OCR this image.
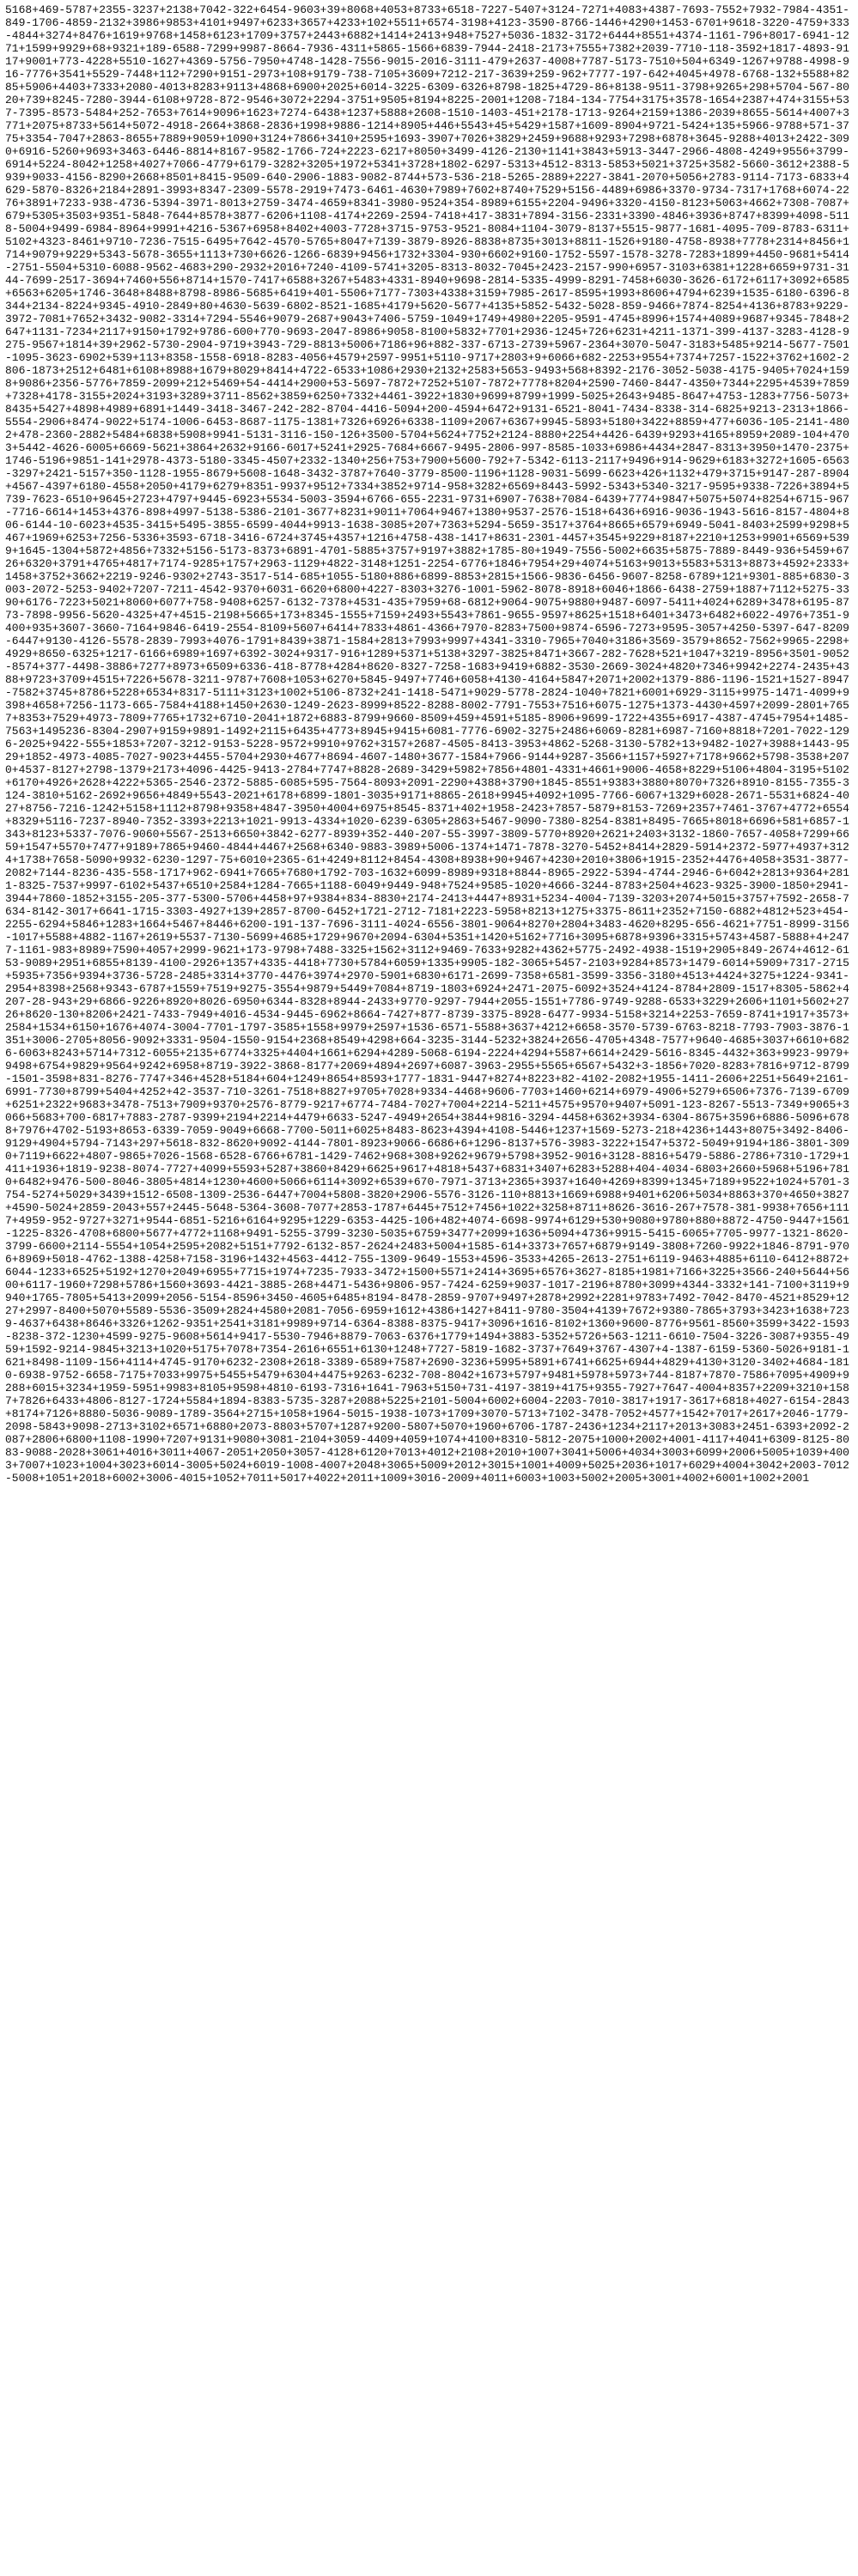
5168+469-5787+2355-3237+2138+7042-322+6454-9603+39+8068+4053+8733+6518-7227-5407+3124-7271+4083+4387-7693-7552+7932-7984-4351-849-1706-4859-2132+3986+9853+4101+9497+6233+3657+4233+102+5511+6574-3198+4123-3590-8766-1446+4290+1453-6701+9618-3220-4759+333-4844+3274+8476+1619+9768+1458+6123+1709+3757+2443+6882+1414+2413+948+7527+5036-1832-3172+6444+8551+4374-1161-796+8017-6941-1271+1599+9929+68+9321+189-6588-7299+9987-8664-7936-4311+5865-1566+6839-7944-2418-2173+7555+7382+2039-7710-118-3592+1817-4893-9117+9001+773-4228+5510-1627+4369-5756-7950+4748-1428-7556-9015-2016-3111-479+2637-4008+7787-5173-7510+504+6349-1267+9788-4998-916-7776+3541+5529-7448+112+7290+9151-2973+108+9179-738-7105+3609+7212-217-3639+259-962+7777-197-642+4045+4978-6768-132+5588+8285+5906+4403+7333+2080-4013+8283+9113+4868+6900+2025+6014-3225-6309-6326+8798-1825+4729-86+8138-9511-3798+9265+298+5704-567-8020+739+8245-7280-3944-6108+9728-872-9546+3072+2294-3751+9505+8194+8225-2001+1208-7184-134-7754+3175+3578-1654+2387+474+3155+537-7395-8573-5484+252-7653+7614+9096+1623+7274-6438+1237+5888+2608-1510-1403-451+2178-1713-9264+2159+1386-2039+8655-5614+4007+3771+2075+8733+5614+5072-4918-2664+3868-2836+1998+9886-1214+8905+446+5543+45+5429+1587+1609-8904+9721-5424+135+5966-9788+571-3775+3354-7047+2863-8655+7889+9059+1090+3124+7866+3410+2595+1693-3907+7026+3829+2459+9688+9293+7298+6878+3645-9288+4013+2422-3090+6916-5260+9693+3463-6446-8814+8167-9582-1766-724+2223-6217+8050+3499-4126-2130+1141+3843+5913-3447-2966-4808-4249+9556+3799-6914+5224-8042+1258+4027+7066-4779+6179-3282+3205+1972+5341+3728+1802-6297-5313+4512-8313-5853+5021+3725+3582-5660-3612+2388-5939+9033-4156-8290+2668+8501+8415-9509-640-2906-1883-9082-8744+573-536-218-5265-2889+2227-3841-2070+5056+2783-9114-7173-6833+4629-5870-8326+2184+2891-3993+8347-2309-5578-2919+7473-6461-4630+7989+7602+8740+7529+5156-4489+6986+3370-9734-7317+1768+6074-2276+3891+7233-938-4736-5394-3971-8013+2759-3474-4659+8341-3980-9524+354-8989+6155+2204-9496+3320-4150-8123+5063+4662+7308-7087+679+5305+3503+9351-5848-7644+8578+3877-6206+1108-4174+2269-2594-7418+417-3831+7894-3156-2331+3390-4846+3936+8747+8399+4098-5118-5004+9499-6984-8964+9991+4216-5367+6958+8402+4003-7728+3715-9753-9521-8084+1104-3079-8137+5515-9877-1681-4095-709-8783-6311+5102+4323-8461+9710-7236-7515-6495+7642-4570-5765+8047+7139-3879-8926-8838+8735+3013+8811-1526+9180-4758-8938+7778+2314+8456+1714+9079+9229+5343-5678-3655+1113+730+6626-1266-6839+9456+1732+3304-930+6602+9160-1752-5597-1578-3278-7283+1899+4450-9681+5414-2751-5504+5310-6088-9562-4683+290-2932+2016+7240-4109-5741+3205-8313-8032-7045+2423-2157-990+6957-3103+6381+1228+6659+9731-3144-7699-2517-3694+7460+556+8714+1570-7417+6588+3267+5483+4331-8940+9698-2814-5335-4999-8291-7458+6030-3626-6172+6117+3092+6585+6563+6205+1746-3648+8488+8798-8986-5685+6419+401-5506+7177-7303+4338+3159+7985-2617-8595+1993+8606+4794+6239+1535-6180-6396-8344+2134-8224+9345-4910-2849+80+4630-5639-6802-8521-1685+4179+5620-5677+4135+5852-5432-5028-859-9466+7874-8254+4136+8783+9229-3972-7081+7652+3432-9082-3314+7294-5546+9079-2687+9043+7406-5759-1049+1749+4980+2205-9591-4745+8996+1574+4089+9687+9345-7848+2647+1131-7234+2117+9150+1792+9786-600+770-9693-2047-8986+9058-8100+5832+7701+2936-1245+726+6231+4211-1371-399-4137-3283-4128-9275-9567+1814+39+2962-5730-2904-9719+3943-729-8813+5006+7186+96+882-337-6713-2739+5967-2364+3070-5047-3183+5485+9214-5677-7501-1095-3623-6902+539+113+8358-1558-6918-8283-4056+4579+2597-9951+5110-9717+2803+9+6066+682-2253+9554+7374+7257-1522+3762+1602-2806-1873+2512+6481+6108+8988+1679+8029+8414+4722-6533+1086+2930+2132+2583+5653-9493+568+8392-2176-3052-5038-4175-9405+7024+1598+9086+2356-5776+7859-2099+212+5469+54-4414+2900+53-5697-7872+7252+5107-7872+7778+8204+2590-7460-8447-4350+7344+2295+4539+7859+7328+4178-3155+2024+3193+3289+3711-8562+3859+6250+7332+4461-3922+1830+9699+8799+1999-5025+2643+9485-8647+4753-1283+7756-5073+8435+5427+4898+4989+6891+1449-3418-3467-242-282-8704-4416-5094+200-4594+6472+9131-6521-8041-7434-8338-314-6825+9213-2313+1866-5554-2906+8474-9022+5174-1006-6453-8687-1175-1381+7326+6926+6338-1109+2067+6367+9945-5893+5180+3422+8859+477+6036-105-2141-4802+478-2360-2882+5484+6838+5908+9941-5131-3116-150-126+3500-5704+5624+7752+2124-8880+2254+4426-6439+9293+4165+8959+2089-104+4703+5442-4626-6005+6669-5621+3864+2632+9166-6017+5241+2925-7684+6667-9495-2806-997-8585-1033+6986+4434+2847-8313+3950+1470-2375+1746-5196+9851-141+2978-4373-5180-3345-4507+2332-1340+256+753+7900+5600-792+7-5342-6113-2117+9496+914-9629+6183+3272+1605-6563-3297+2421-5157+350-1128-1955-8679+5608-1648-3432-3787+7640-3779-8500-1196+1128-9031-5699-6623+426+1132+479+3715+9147-287-8904+4567-4397+6180-4558+2050+4179+6279+8351-9937+9512+7334+3852+9714-958+3282+6569+8443-5992-5343+5340-3217-9595+9338-7226+3894+5739-7623-6510+9645+2723+4797+9445-6923+5534-5003-3594+6766-655-2231-9731+6907-7638+7084-6439+7774+9847+5075+5074+8254+6715-967-7716-6614+1453+4376-898+4997-5138-5386-2101-3677+8231+9011+7064+9467+1380+9537-2576-1518+6436+6916-9036-1943-5616-8157-4804+806-6144-10-6023+4535-3415+5495-3855-6599-4044+9913-1638-3085+207+7363+5294-5659-3517+3764+8665+6579+6949-5041-8403+2599+9298+5467+1969+6253+7256-5336+3593-6718-3416-6724+3745+4357+1216+4758-438-1417+8631-2301-4457+3545+9229+8187+2210+1253+9901+6569+5399+1645-1304+5872+4856+7332+5156-5173-8373+6891-4701-5885+3757+9197+3882+1785-80+1949-7556-5002+6635+5875-7889-8449-936+5459+6726+6320+3791+4765+4817+7174-9285+1757+2963-1129+4822-3148+1251-2254-6776+1846+7954+29+4074+5163+9013+5583+5313+8873+4592+2333+1458+3752+3662+2219-9246-9302+2743-3517-514-685+1055-5180+886+6899-8853+2815+1566-9836-6456-9607-8258-6789+121+9301-885+6830-3003-2072-5253-9402+7207-7211-4542-9370+6031-6620+6800+4227-8303+3276-1001-5962-8078-8918+6046+1866-6438-2759+1887+7112+5275-3390+6176-7223+5021+8060+6077+758-9408+6257-6132-7378+4531-435+7959+68-6812+9064-9075+9880+9487-6097-5411+4024+6289+3478+6195-8773-7898-9956-5620-4325+47+4515-2198+5665+173+8345-1555+7159+2493+5543+7861-9655-9597+8625+1518+6401+3473+6482+6022-4976+7351-9400+935+3607-3660-7164+9846-6419-2554-8109+5607+6414+7833+4861-4366+7970-8283+7500+9874-6596-7273+9595-3057+4250-5397-647-8209-6447+9130-4126-5578-2839-7993+4076-1791+8439+3871-1584+2813+7993+9997+4341-3310-7965+7040+3186+3569-3579+8652-7562+9965-2298+4929+8650-6325+1217-6166+6989+1697+6392-3024+9317-916+1289+5371+5138+3297-3825+8471+3667-282-7628+521+1047+3219-8956+3501-9052-8574+377-4498-3886+7277+8973+6509+6336-418-8778+4284+8620-8327-7258-1683+9419+6882-3530-2669-3024+4820+7346+9942+2274-2435+4388+9723+3709+4515+7226+5678-3211-9787+7608+1053+6270+5845-9497+7746+6058+4130-4164+5847+2071+2002+1379-886-1196-1521+1527-8947-7582+3745+8786+5228+6534+8317-5111+3123+1002+5106-8732+241-1418-5471+9029-5778-2824-1040+7821+6001+6929-3115+9975-1471-4099+9398+4658+7256-1173-665-7584+4188+1450+2630-1249-2623-8999+8522-8288-8002-7791-7553+7516+6075-1275+1373-4430+4597+2099-2801+7657+8353+7529+4973-7809+7765+1732+6710-2041+1872+6883-8799+9660-8509+459+4591+5185-8906+9699-1722+4355+6917-4387-4745+7954+1485-7563+1495236-8304-2907+9159+9891-1492+2115+6435+4773+8945+9415+6081-7776-6902-3275+2486+6069-8281+6987-7160+8818+7201-7022-1296-2025+9422-555+1853+7207-3212-9153-5228-9572+9910+9762+3157+2687-4505-8413-3953+4862-5268-3130-5782+13+9482-1027+3988+1443-9529+1852-4973-4085-7027-9023+4455-5704+2930+4677+8694-4607-1480+3677-1584+7966-9144+9287-3566+1157+5927+7178+9662+5798-3538+2070+4537-8127+2798-1379+2173+4096-4425-9413-2784+7747+8828-2689-3429+5982+7856+4801-4331+4661+9006-4658+8229+5106+4804-3195+5102+6170+4926+2628+4222+5365-2546-2372-5885-6085+595-7564-8093+2091-2290+4388+3790+1845-8551+9383+3880+8070+7326+8910-8155-7355-3124-3810+5162-2692+9656+4849+5543-2021+6178+6899-1801-3035+9171+8865-2618+9945+4092+1095-7766-6067+1329+6028-2671-5531+6824-4027+8756-7216-1242+5158+1112+8798+9358+4847-3950+4004+6975+8545-8371+402+1958-2423+7857-5879+8153-7269+2357+7461-3767+4772+6554+8329+5116-7237-8940-7352-3393+2213+1021-9913-4334+1020-6239-6305+2863+5467-9090-7380-8254-8381+8495-7665+8018+6696+581+6857-1343+8123+5337-7076-9060+5567-2513+6650+3842-6277-8939+352-440-207-55-3997-3809-5770+8920+2621+2403+3132-1860-7657-4058+7299+6659+1547+5570+7477+9189+7865+9460-4844+4467+2568+6340-9883-3989+5006-1374+1471-7878-3270-5452+8414+2829-5914+2372-5977+4937+3124+1738+7658-5090+9932-6230-1297-75+6010+2365-61+4249+8112+8454-4308+8938+90+9467+4230+2010+3806+1915-2352+4476+4058+3531-3877-2082+7144-8236-435-558-1717+962-6941+7665+7680+1792-703-1632+6099-8989+9318+8844-8965-2922-5394-4744-2946-6+6042+2813+9364+2811-8325-7537+9997-6102+5437+6510+2584+1284-7665+1188-6049+9449-948+7524+9585-1020+4666-3244-8783+2504+4623-9325-3900-1850+2941-3944+7860-1852+3155-205-377-5300-5706+4458+97+9384+834-8830+2174-2413+4447+8931+5234-4004-7139-3203+2074+5015+3757+7592-2658-7634-8142-3017+6641-1715-3303-4927+139+2857-8700-6452+1721-2712-7181+2223-5958+8213+1275+3375-8611+2352+7150-6882+4812+523+454-2255-6294+5846+1283+1664+5467+8446+6200-191-137-7696-3111-4024-6556-3801-9064+8270+2804+3483-4620+8295-656-4621+7751-8999-3156-1017+5588+4882-1167+2619+5537-7130-5699+4685+1729+9670+2094-6304+5351+1420+5162+7716+3095+6878+9396+3315+5743+4587-5888+4+2477-1161-983+8989+7590+4057+2999-9621+173-9798+7488-3325+1562+3112+9469-7633+9282+4362+5775-2492-4938-1519+2905+849-2674+4612-6153-9089+2951+6855+8139-4100-2926+1357+4335-4418+7730+5784+6059+1335+9905-182-3065+5457-2103+9284+8573+1479-6014+5909+7317-2715+5935+7356+9394+3736-5728-2485+3314+3770-4476+3974+2970-5901+6830+6171-2699-7358+6581-3599-3356-3180+4513+4424+3275+1224-9341-2954+8398+2568+9343-6787+1559+7519+9275-3554+9879+5449+7084+8719-1803+6924+2471-2075-6092+3524+4124-8784+2809-1517+8305-5862+4207-28-943+29+6866-9226+8920+8026-6950+6344-8328+8944-2433+9770-9297-7944+2055-1551+7786-9749-9288-6533+3229+2606+1101+5602+2726+8620-130+8206+2421-7433-7949+4016-4534-9445-6962+8664-7427+877-8739-3375-8928-6477-9934-5158+3214+2253-7659-8741+1917+3573+2584+1534+6150+1676+4074-3004-7701-1797-3585+1558+9979+2597+1536-6571-5588+3637+4212+6658-3570-5739-6763-8218-7793-7903-3876-1351+3006-2705+8056-9092+3331-9504-1550-9154+2368+8549+4298+664-3235-3144-5232+3824+2656-4705+4348-7577+9640-4685+3037+6610+6826-6063+8243+5714+7312-6055+2135+6774+3325+4404+1661+6294+4289-5068-6194-2224+4294+5587+6614+2429-5616-8345-4432+363+9923-9979+9498+6754+9829+9564+9242+6958+8719-3922-3868-8177+2069+4894+2697+6087-3963-2955+5565+6567+5432+3-1856+7020-8283+7816+9712-8799-1501-3598+831-8276-7747+346+4528+5184+604+1249+8654+8593+1777-1831-9447+8274+8223+82-4102-2082+1955-1411-2606+2251+5649+2161-6991-7730+8799+5404+4252+42-3537-710-3261-7518+8827+9705+7028+9334-4468+9606-7703+1460+6214+6979-4906+5279+6506+7376-7139-6709+6251+2322+9683+3478-7513+7909+9370+2576-8779-9217+6774-7484-7027+7004+2214-5211+4575+9570+9407+5091-123-8267-5513-7349+9065+3066+5683+700-6817+7883-2787-9399+2194+2214+4479+6633-5247-4949+2654+3844+9816-3294-4458+6362+3934-6304-8675+3596+6886-5096+6788+7976+4702-5193+8653-6339-7059-9049+6668-7700-5011+6025+8483-8623+4394+4108-5446+1237+1569-5273-218+4236+1443+8075+3492-8406-9129+4904+5794-7143+297+5618-832-8620+9092-4144-7801-8923+9066-6686+6+1296-8137+576-3983-3222+1547+5372-5049+9194+186-3801-3090+7119+6622+4807-9865+7026-1568-6528-6766+6781-1429-7462+968+308+9262+9679+5798+3952-9016+3128-8816+5479-5886-2786+7310-1729+1411+1936+1819-9238-8074-7727+4099+5593+5287+3860+8429+6625+9617+4818+5437+6831+3407+6283+5288+404-4034-6803+2660+5968+5196+7810+6482+9476-500-8046-3805+4814+1230+4600+5066+6114+3092+6539+670-7971-3713+2365+3937+1640+4269+8399+1345+7189+9522+1024+5701-3754-5274+5029+3439+1512-6508-1309-2536-6447+7004+5808-3820+2906-5576-3126-110+8813+1669+6988+9401+6206+5034+8863+370+4650+3827+4590-5024+2859-2043+557+2445-5648-5364-3608-7077+2853-1787+6445+7512+7456+1022+3258+8711+8626-3616-267+7578-381-9938+7656+1117+4959-952-9727+3271+9544-6851-5216+6164+9295+1229-6353-4425-106+482+4074-6698-9974+6129+530+9080+9780+880+8872-4750-9447+1561-1225-8326-4708+6800+5677+4772+1168+9491-5255-3799-3230-5035+6759+3477+2099+1636+5094+4736+9915-5415-6065+7705-9977-1321-8620-3799-6600+2114-5554+1054+2595+2082+5151+7792-6132-857-2624+2483+5004+1585-614+3373+7657+6879+9149-3808+7260-9922+1846-8791-9706+8969+5018-4762-1388-4258+7158-3196+1432+4563-4412-755-1309-9649-1553+4596-3533+4265-2613-2751+6119-9463+4885+6110-6412+8872+6044-1233+6525+5192+1270+2049+6955+7715+1974+7235-7933-3472+1500+5571+2414+3695+6576+3627-8185+1981+7166+3225+3566-240+5644+5600+6117-1960+7298+5786+1560+3693-4421-3885-268+4471-5436+9806-957-7424-6259+9037-1017-2196+8780+3099+4344-3332+141-7100+3119+9940+1765-7805+5413+2099+2056-5154-8596+3450-4605+6485+8194-8478-2859-9707+9497+2878+2992+2281+9783+7492-7042-8470-4521+8529+1227+2997-8400+5070+5589-5536-3509+2824+4580+2081-7056-6959+1612+4386+1427+8411-9780-3504+4139+7672+9380-7865+3793+3423+1638+7239-4637+6438+8646+3326+1262-9351+2541+3181+9989+9714-6364-8388-8375-9417+3096+1616-8102+1360+9600-8776+9561-8560+3599+3422-1593-8238-372-1230+4599-9275-9608+5614+9417-5530-7946+8879-7063-6376+1779+1494+3883-5352+5726+563-1211-6610-7504-3226-3087+9355-4959+1592-9214-9845+3213+1020+5175+7078+7354-2616+6551+6130+1248+7727-5819-1682-3737+7649+3767-4307+4-1387-6159-5360-5026+9181-1621+8498-1109-156+4114+4745-9170+6232-2308+2618-3389-6589+7587+2690-3236+5995+5891+6741+6625+6944+4829+4130+3120-3402+4684-1810-6938-9752-6658-7175+7033+9975+5455+5479+6304+4475+9263-6232-708-8042+1673+5797+9481+5978+5973+744-8187+7870-7586+7095+4909+9288+6015+3234+1959-5951+9983+8105+9598+4810-6193-7316+1641-7963+5150+731-4197-3819+4175+9355-7927+7647-4004+8357+2209+3210+1587+7826+6433+4806-8127-1724+5584+1894-8383-5735-3287+2088+5225+2101-5004+6002+6004-2203-7010-3817+1917-3617+6818+4027-6154-2843+8174+7126+8880-5036-9089-1789-3564+2715+1058+1964-5015-1938-1073+1709+3070-5713+7102-3478-7052+4577+1542+7017+2617+2046-1779-2098-5843+9098-2713+3102+6571+6880+2073-8803+5707+1287+9200-5807+5070+1960+6706-1787-2436+1234+2117+2013+3083+2451-6393+2092-2087+2806+6800+1108-1990+7207+9131+9080+3081-2104+3059-4409+4059+1074+4100+8310-5812-2075+1000+2002+4001-4117+4041+6309-8125-8083-9088-2028+3061+4016+3011+4067-2051+2050+3057-4128+6120+7013+4012+2108+2010+1007+3041+5006+4034+3003+6099+2006+5005+1039+4003+7007+1023+1004+3023+6014-3005+5024+6019-1008-4007+2048+3065+5009+2012+3015+1001+4009+5025+2036+1017+6029+4004+3042+2003-7012-5008+1051+2018+6002+3006-4015+1052+7011+5017+4022+2011+1009+3016-2009+4011+6003+1003+5002+2005+3001+4002+6001+1002+2001
